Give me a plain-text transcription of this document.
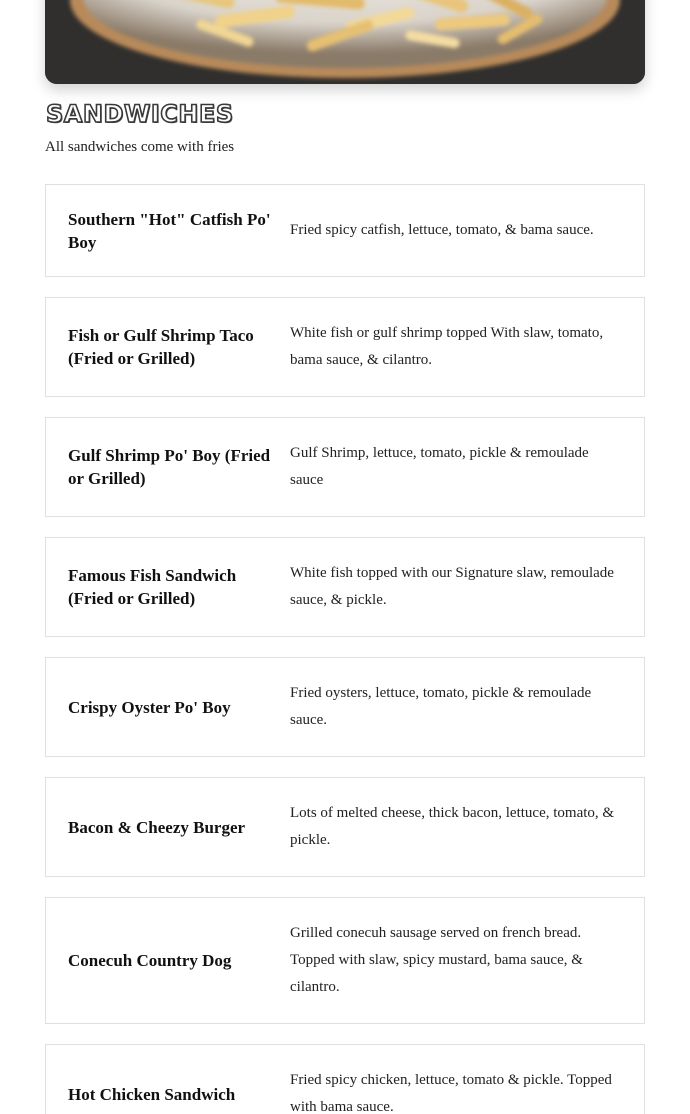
SANDWICHES

All sandwiches come with fries

Southern "Hot" Catfish Po' Boy
Fried spicy catfish, lettuce, tomato, & bama sauce.
Fish or Gulf Shrimp Taco (Fried or Grilled)
White fish or gulf shrimp topped With slaw, tomato, bama sauce, & cilantro.
Gulf Shrimp Po' Boy (Fried or Grilled)
Gulf Shrimp, lettuce, tomato, pickle & remoulade sauce
Famous Fish Sandwich (Fried or Grilled)
White fish topped with our Signature slaw, remoulade sauce, & pickle.
Crispy Oyster Po' Boy
Fried oysters, lettuce, tomato, pickle & remoulade sauce.
Bacon & Cheezy Burger
Lots of melted cheese, thick bacon, lettuce, tomato, & pickle.
Conecuh Country Dog
Grilled conecuh sausage served on french bread. Topped with slaw, spicy mustard, bama sauce, & cilantro.
Hot Chicken Sandwich
Fried spicy chicken, lettuce, tomato & pickle. Topped with bama sauce.
